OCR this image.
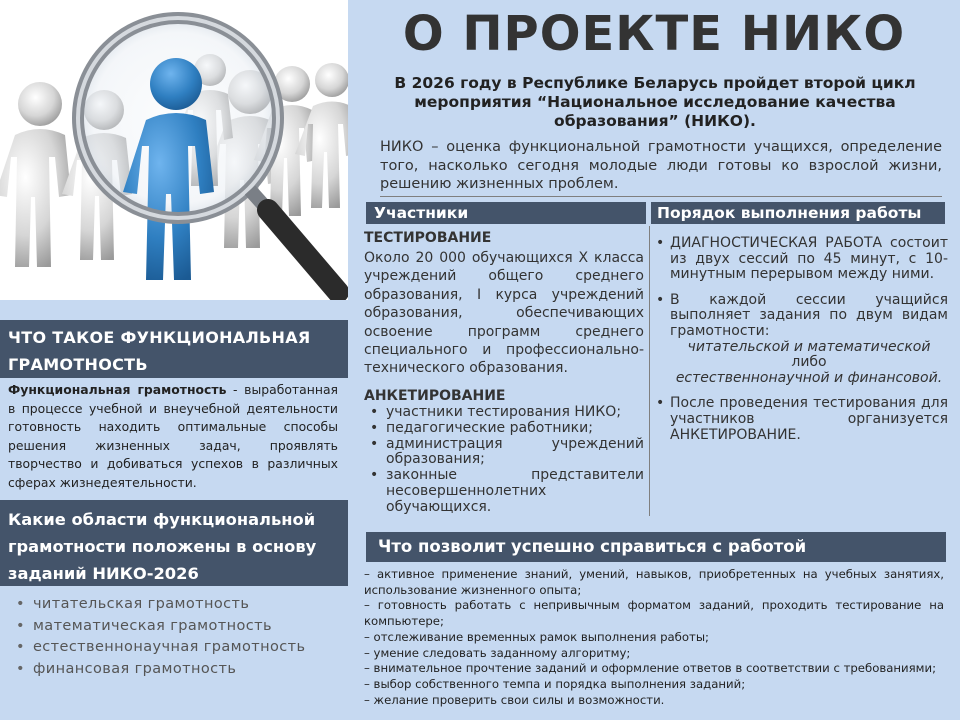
ЧТО ТАКОЕ ФУНКЦИОНАЛЬНАЯ ГРАМОТНОСТЬ
Функциональная грамотность - выработанная в процессе учебной и внеучебной деятельности готовность находить оптимальные способы решения жизненных задач, проявлять творчество и добиваться успехов в различных сферах жизнедеятельности.
Какие области функциональной грамотности положены в основу заданий НИКО-2026
• читательская грамотность
• математическая грамотность
• естественнонаучная грамотность
• финансовая грамотность
О ПРОЕКТЕ НИКО
В 2026 году в Республике Беларусь пройдет второй цикл мероприятия “Национальное исследование качества образования” (НИКО).
НИКО – оценка функциональной грамотности учащихся, определение того, насколько сегодня молодые люди готовы ко взрослой жизни, решению жизненных проблем.
Участники	Порядок выполнения работы
ТЕСТИРОВАНИЕ
Около 20 000 обучающихся X класса учреждений общего среднего образования, I курса учреждений образования, обеспечивающих освоение программ среднего специального и профессионально-технического образования.
АНКЕТИРОВАНИЕ
• участники тестирования НИКО;
• педагогические работники;
• администрация учреждений образования;
• законные представители несовершеннолетних обучающихся.
• ДИАГНОСТИЧЕСКАЯ РАБОТА состоит из двух сессий по 45 минут, с 10-минутным перерывом между ними.
• В каждой сессии учащийся выполняет задания по двум видам грамотности:
читательской и математической
либо
естественнонаучной и финансовой.
• После проведения тестирования для участников организуется АНКЕТИРОВАНИЕ.
Что позволит успешно справиться с работой
– активное применение знаний, умений, навыков, приобретенных на учебных занятиях, использование жизненного опыта;
– готовность работать с непривычным форматом заданий, проходить тестирование на компьютере;
– отслеживание временных рамок выполнения работы;
– умение следовать заданному алгоритму;
– внимательное прочтение заданий и оформление ответов в соответствии с требованиями;
– выбор собственного темпа и порядка выполнения заданий;
– желание проверить свои силы и возможности.
